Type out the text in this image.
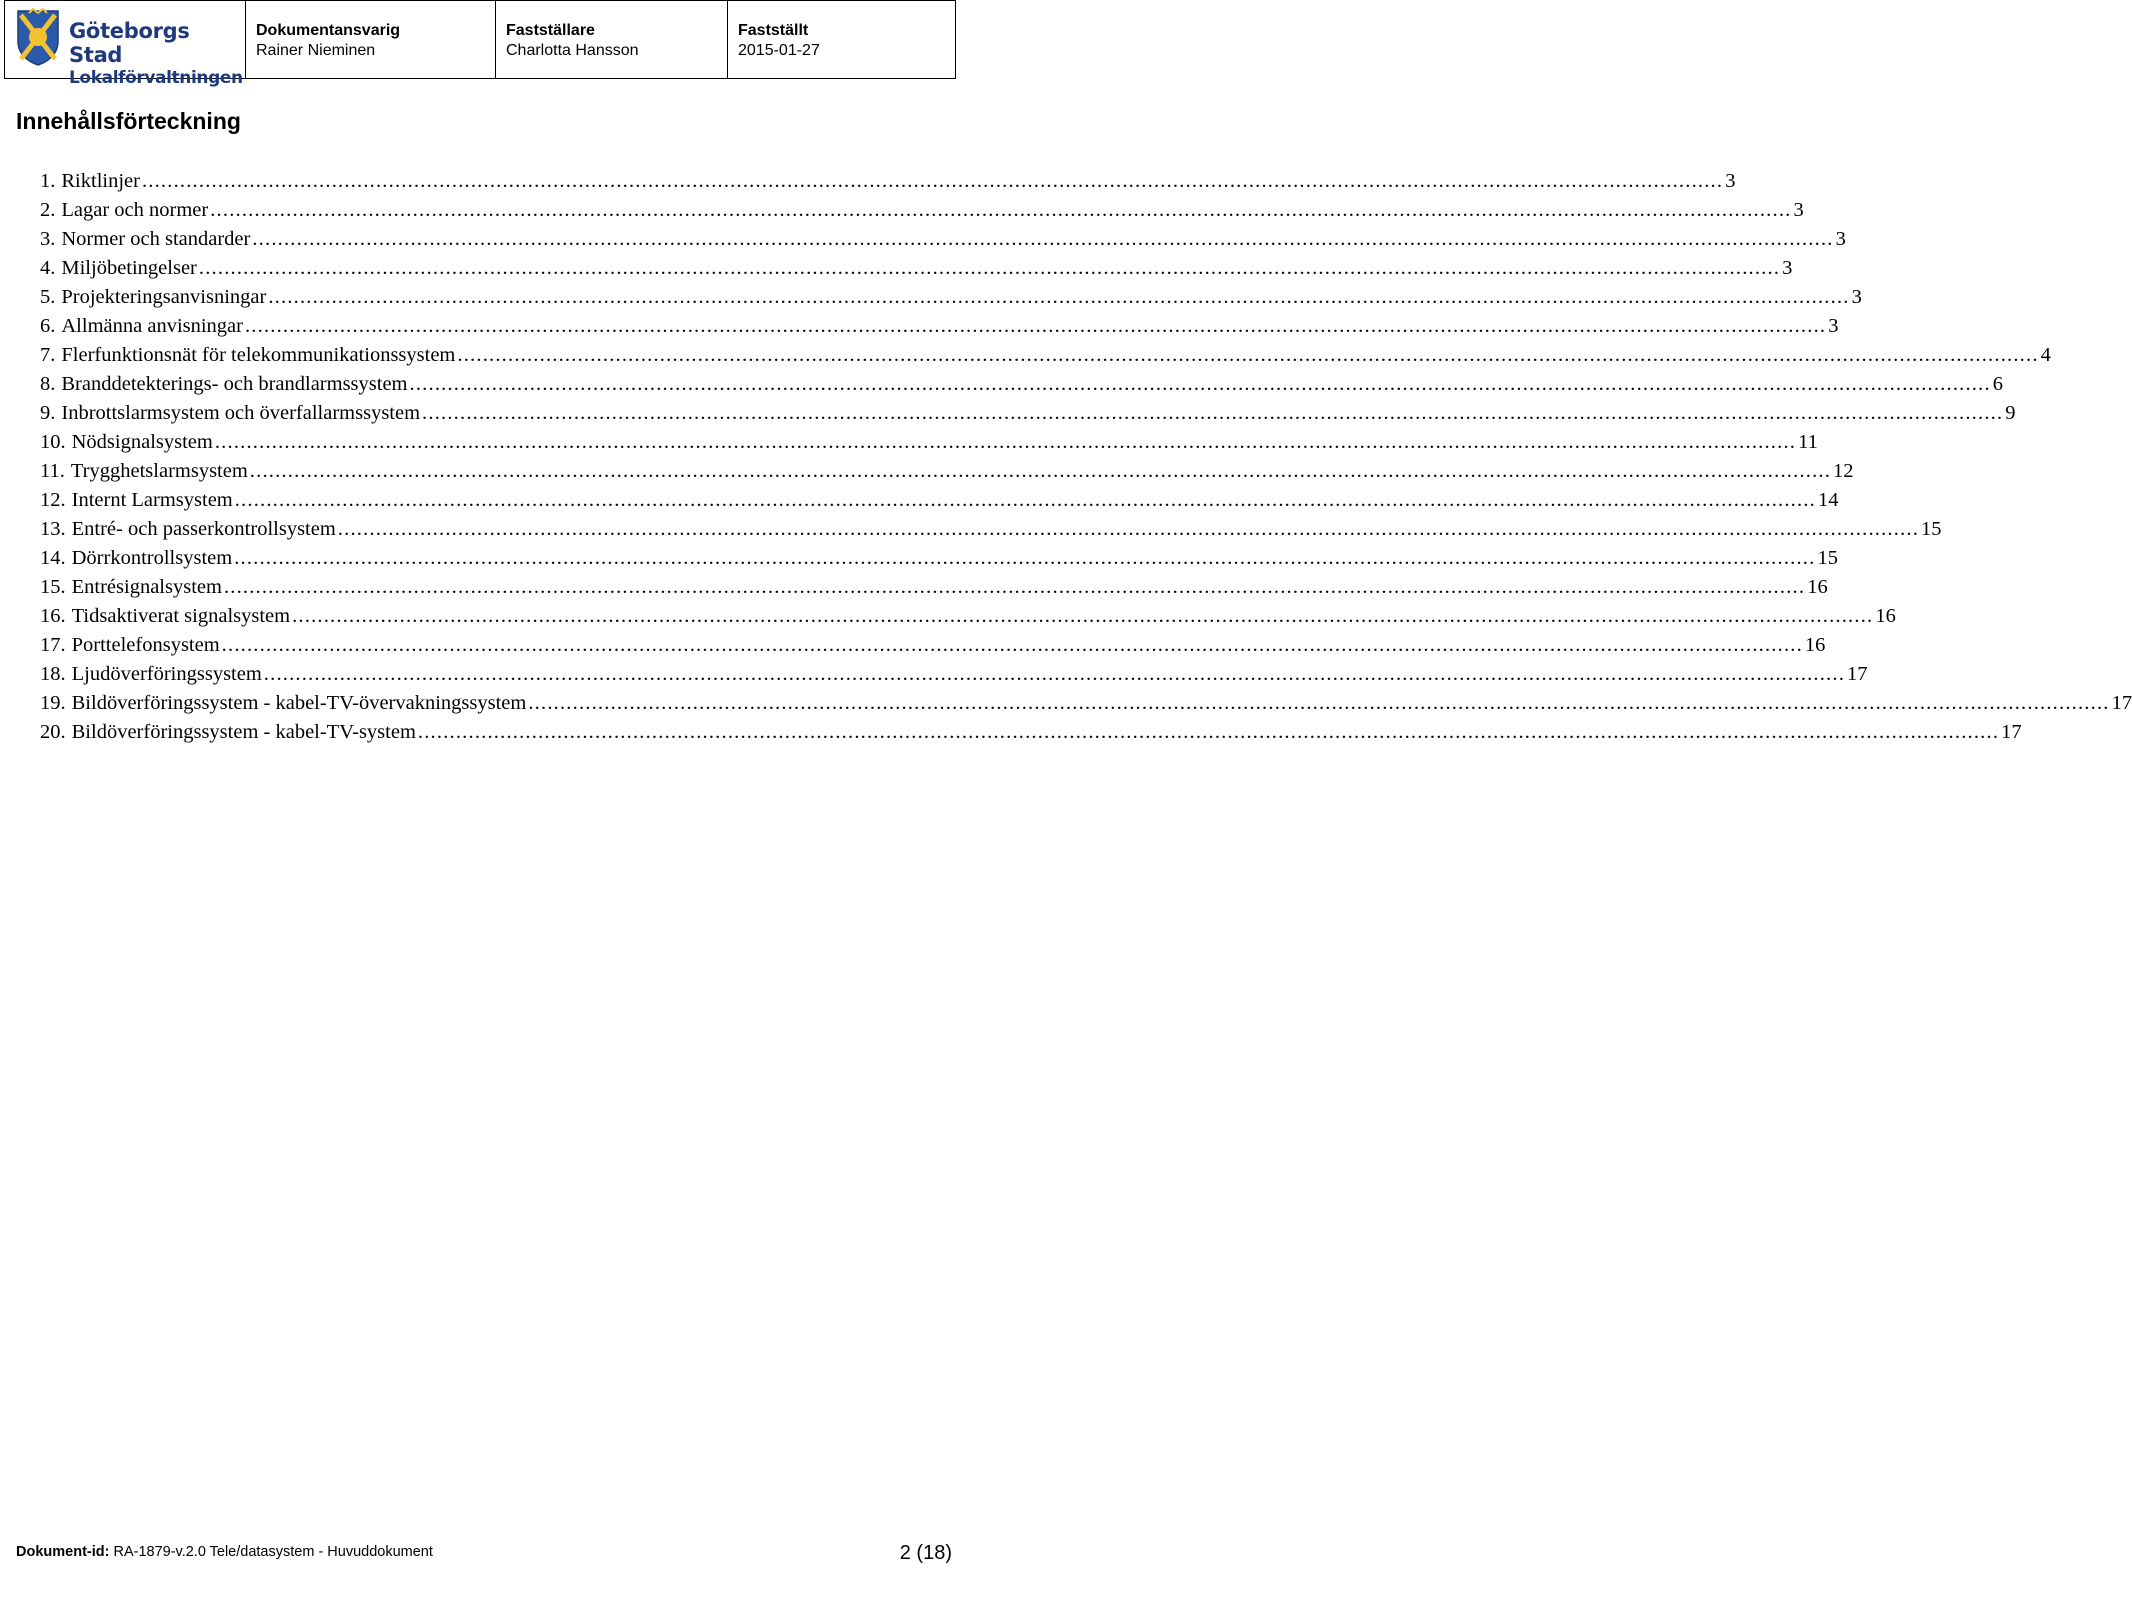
Göteborgs Stad
Lokalförvaltningen
Dokumentansvarig
Rainer Nieminen
Fastställare
Charlotta Hansson
Fastställt
2015-01-27
Innehållsförteckning
1. Riktlinjer .....	3
2. Lagar och normer .....	3
3. Normer och standarder .....	3
4. Miljöbetingelser .....	3
5. Projekteringsanvisningar .....	3
6. Allmänna anvisningar .....	3
7. Flerfunktionsnät för telekommunikationssystem .....	4
8. Branddetekterings- och brandlarmssystem .....	6
9. Inbrottslarmsystem och överfallarmssystem .....	9
10. Nödsignalsystem .....	11
11. Trygghetslarmsystem .....	12
12. Internt Larmsystem .....	14
13. Entré- och passerkontrollsystem .....	15
14. Dörrkontrollsystem .....	15
15. Entrésignalsystem .....	16
16. Tidsaktiverat signalsystem .....	16
17. Porttelefonsystem .....	16
18. Ljudöverföringssystem .....	17
19. Bildöverföringssystem - kabel-TV-övervakningssystem .....	17
20. Bildöverföringssystem - kabel-TV-system .....	17
Dokument-id: RA-1879-v.2.0 Tele/datasystem - Huvuddokument	2 (18)
